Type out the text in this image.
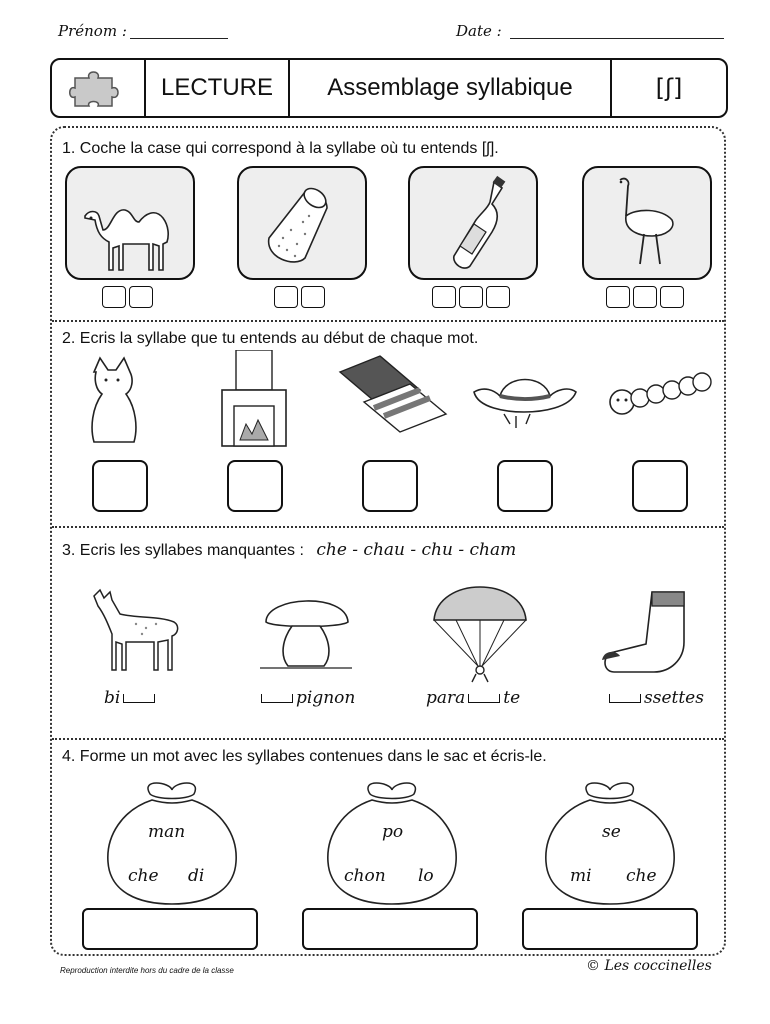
Prénom :	Date :
LECTURE	Assemblage syllabique	[ʃ]
1. Coche la case qui correspond à la syllabe où tu entends [ʃ].
2. Ecris la syllabe que tu entends au début de chaque mot.
3. Ecris les syllabes manquantes : che - chau - chu - cham
bi	pignon	para te	ssettes
4. Forme un mot avec les syllabes contenues dans le sac et écris-le.
man
che di
po
chon lo
se
mi che
Reproduction interdite hors du cadre de la classe	© Les coccinelles
